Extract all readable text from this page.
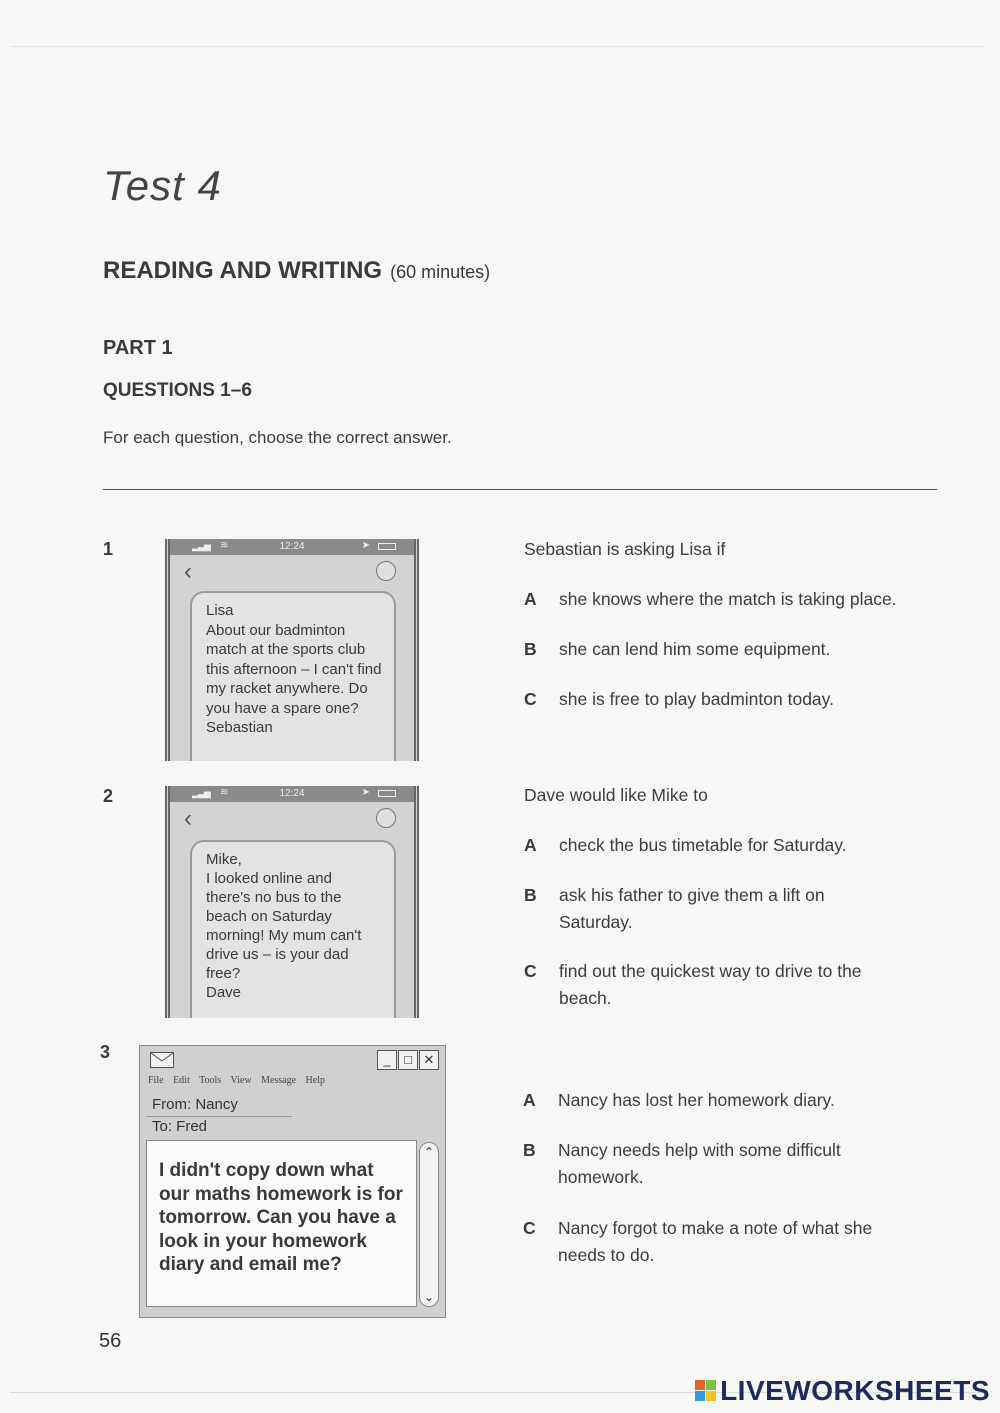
Test 4
READING AND WRITING (60 minutes)
PART 1
QUESTIONS 1–6
For each question, choose the correct answer.
1	▂▃▅ ≋	12:24	➤
‹
Lisa
About our badminton
match at the sports club
this afternoon – I can't find
my racket anywhere. Do
you have a spare one?
Sebastian
Sebastian is asking Lisa if
A she knows where the match is taking place.
B she can lend him some equipment.
C she is free to play badminton today.
2	▂▃▅ ≋	12:24	➤
‹
Mike,
I looked online and
there's no bus to the
beach on Saturday
morning! My mum can't
drive us – is your dad
free?
Dave
Dave would like Mike to
A check the bus timetable for Saturday.
B ask his father to give them a lift on Saturday.
C find out the quickest way to drive to the beach.
3	_ □ ✕
File Edit Tools View Message Help
From: Nancy
To: Fred
I didn't copy down what our maths homework is for tomorrow. Can you have a look in your homework diary and email me?
⌃
⌄
A Nancy has lost her homework diary.
B Nancy needs help with some difficult homework.
C Nancy forgot to make a note of what she needs to do.
56
LIVEWORKSHEETS
